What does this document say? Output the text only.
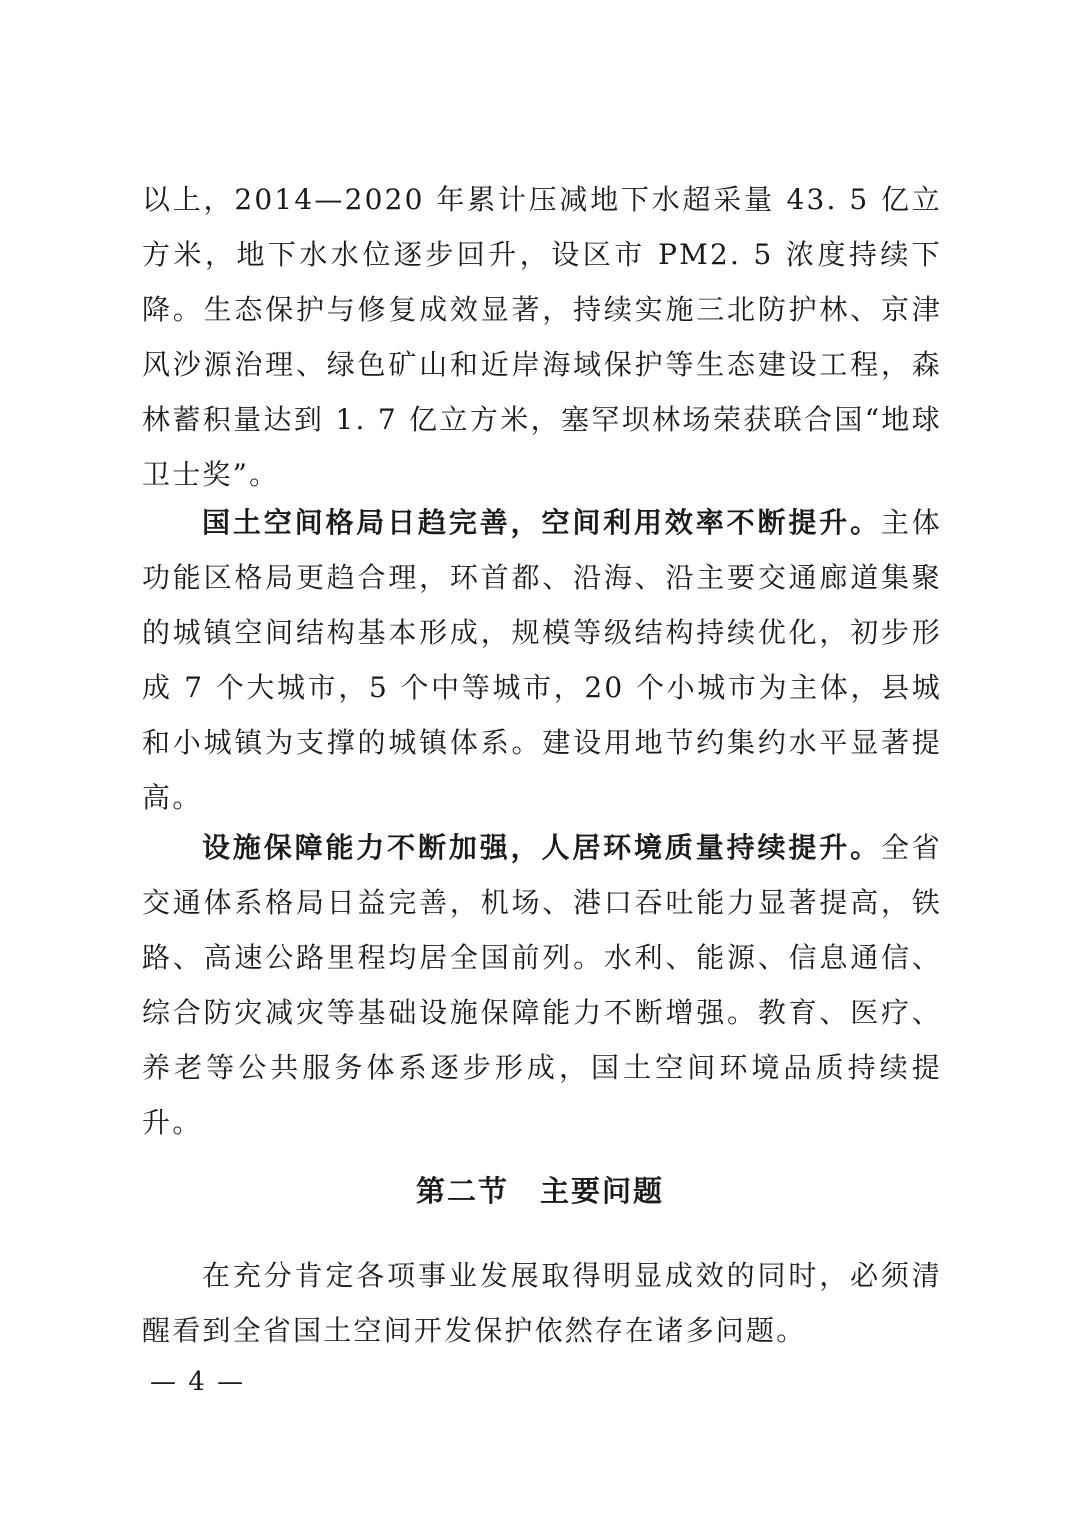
以上，2014—2020 年累计压减地下水超采量 43. 5 亿立方米，地下水水位逐步回升，设区市 PM2. 5 浓度持续下降。生态保护与修复成效显著，持续实施三北防护林、京津风沙源治理、绿色矿山和近岸海域保护等生态建设工程，森林蓄积量达到 1. 7 亿立方米，塞罕坝林场荣获联合国“地球卫士奖”。

国土空间格局日趋完善，空间利用效率不断提升。主体功能区格局更趋合理，环首都、沿海、沿主要交通廊道集聚的城镇空间结构基本形成，规模等级结构持续优化，初步形成 7 个大城市，5 个中等城市，20 个小城市为主体，县城和小城镇为支撑的城镇体系。建设用地节约集约水平显著提高。

设施保障能力不断加强，人居环境质量持续提升。全省交通体系格局日益完善，机场、港口吞吐能力显著提高，铁路、高速公路里程均居全国前列。水利、能源、信息通信、综合防灾减灾等基础设施保障能力不断增强。教育、医疗、养老等公共服务体系逐步形成，国土空间环境品质持续提升。

第二节　主要问题

在充分肯定各项事业发展取得明显成效的同时，必须清醒看到全省国土空间开发保护依然存在诸多问题。

— 4 —
